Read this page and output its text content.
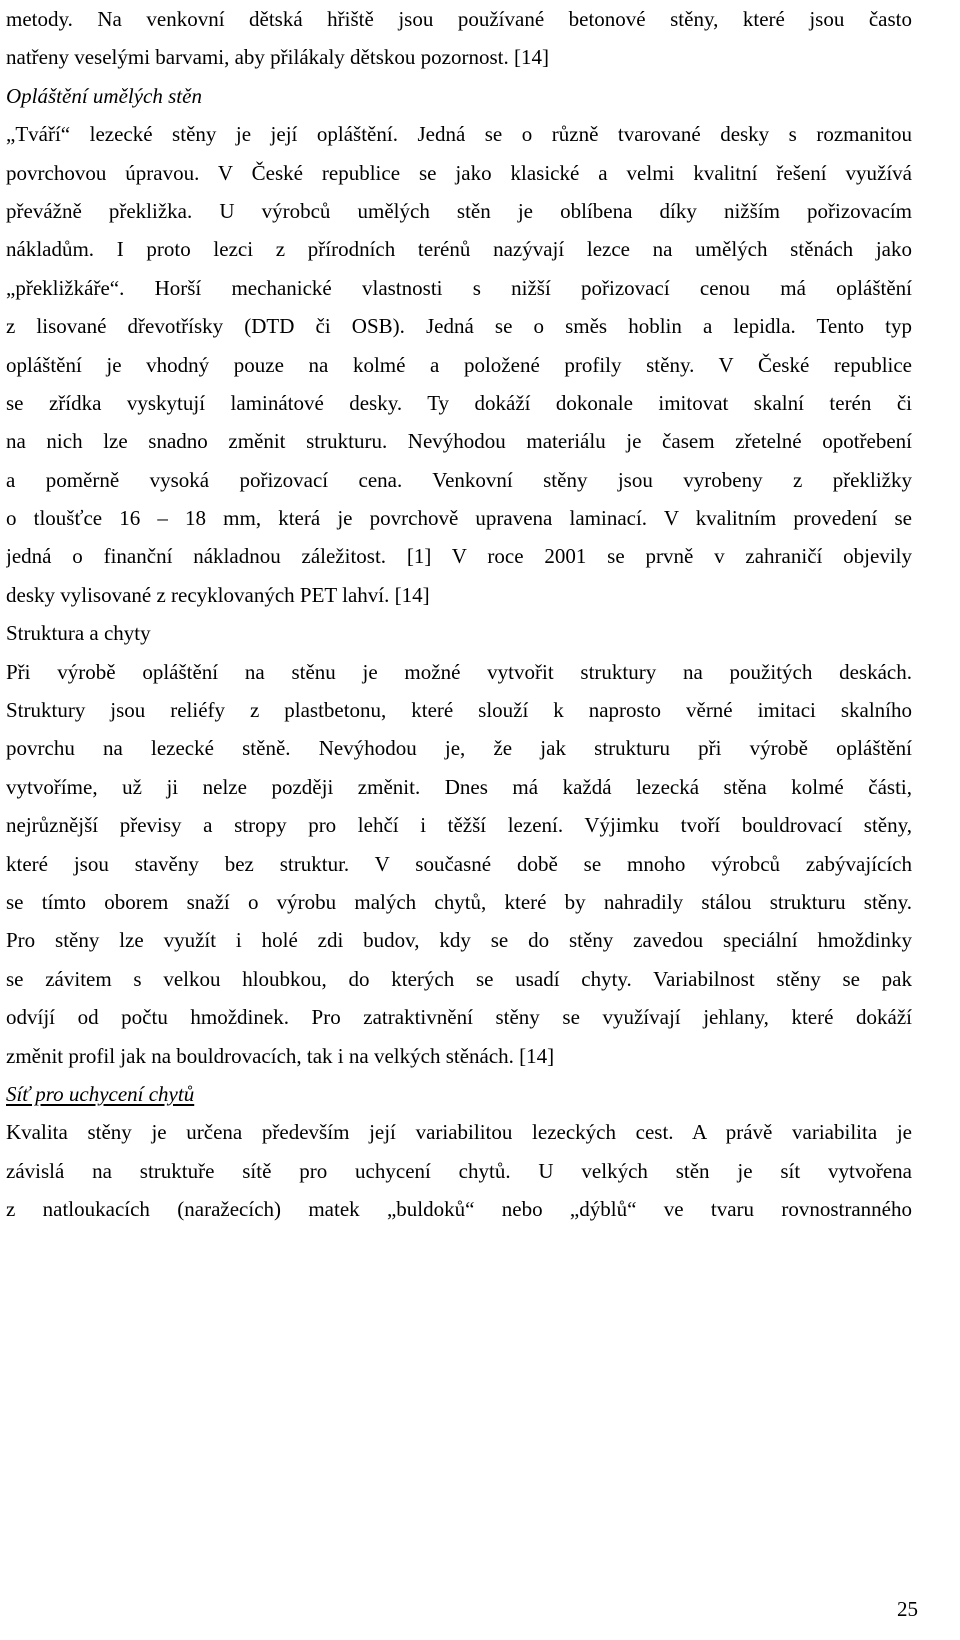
metody. Na venkovní dětská hřiště jsou používané betonové stěny, které jsou často
natřeny veselými barvami, aby přilákaly dětskou pozornost. [14]

Opláštění umělých stěn

„Tváří“ lezecké stěny je její opláštění. Jedná se o různě tvarované desky s rozmanitou
povrchovou úpravou. V České republice se jako klasické a velmi kvalitní řešení využívá
převážně překližka. U výrobců umělých stěn je oblíbena díky nižším pořizovacím
nákladům. I proto lezci z přírodních terénů nazývají lezce na umělých stěnách jako
„překližkáře“. Horší mechanické vlastnosti s nižší pořizovací cenou má opláštění
z lisované dřevotřísky (DTD či OSB). Jedná se o směs hoblin a lepidla. Tento typ
opláštění je vhodný pouze na kolmé a položené profily stěny. V České republice
se zřídka vyskytují laminátové desky. Ty dokáží dokonale imitovat skalní terén či
na nich lze snadno změnit strukturu. Nevýhodou materiálu je časem zřetelné opotřebení
a poměrně vysoká pořizovací cena. Venkovní stěny jsou vyrobeny z překližky
o tloušťce 16 – 18 mm, která je povrchově upravena laminací. V kvalitním provedení se
jedná o finanční nákladnou záležitost. [1] V roce 2001 se prvně v zahraničí objevily
desky vylisované z recyklovaných PET lahví. [14]

Struktura a chyty

Při výrobě opláštění na stěnu je možné vytvořit struktury na použitých deskách.
Struktury jsou reliéfy z plastbetonu, které slouží k naprosto věrné imitaci skalního
povrchu na lezecké stěně. Nevýhodou je, že jak strukturu při výrobě opláštění
vytvoříme, už ji nelze později změnit. Dnes má každá lezecká stěna kolmé části,
nejrůznější převisy a stropy pro lehčí i těžší lezení. Výjimku tvoří bouldrovací stěny,
které jsou stavěny bez struktur. V současné době se mnoho výrobců zabývajících
se tímto oborem snaží o výrobu malých chytů, které by nahradily stálou strukturu stěny.
Pro stěny lze využít i holé zdi budov, kdy se do stěny zavedou speciální hmoždinky
se závitem s velkou hloubkou, do kterých se usadí chyty. Variabilnost stěny se pak
odvíjí od počtu hmoždinek. Pro zatraktivnění stěny se využívají jehlany, které dokáží
změnit profil jak na bouldrovacích, tak i na velkých stěnách. [14]

Síť pro uchycení chytů

Kvalita stěny je určena především její variabilitou lezeckých cest. A právě variabilita je
závislá na struktuře sítě pro uchycení chytů. U velkých stěn je sít vytvořena
z natloukacích (naražecích) matek „buldoků“ nebo „dýblů“ ve tvaru rovnostranného

25
